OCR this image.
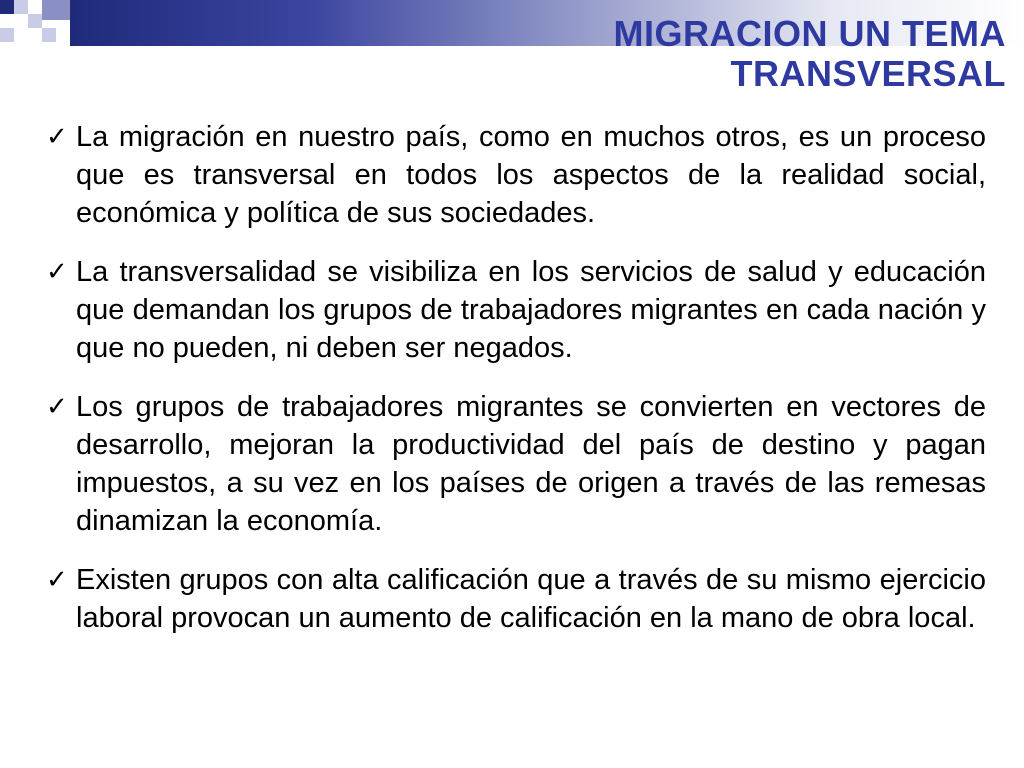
MIGRACION UN TEMA
TRANSVERSAL
✓ La migración en nuestro país, como en muchos otros, es un proceso que es transversal en todos los aspectos de la realidad social, económica y política de sus sociedades.
✓ La transversalidad se visibiliza en los servicios de salud y educación que demandan los grupos de trabajadores migrantes en cada nación y que no pueden, ni deben ser negados.
✓ Los grupos de trabajadores migrantes se convierten en vectores de desarrollo, mejoran la productividad del país de destino y pagan impuestos, a su vez en los países de origen a través de las remesas dinamizan la economía.
✓ Existen grupos con alta calificación que a través de su mismo ejercicio laboral provocan un aumento de calificación en la mano de obra local.
